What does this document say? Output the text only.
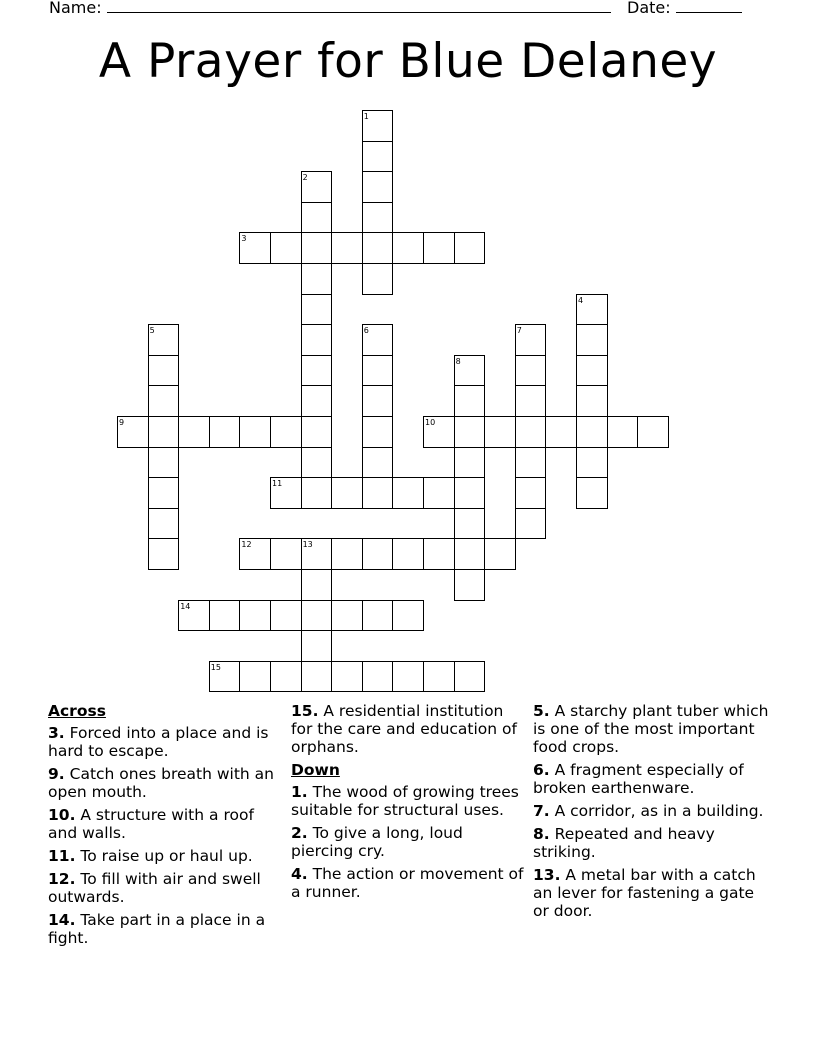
Name:	Date:
A Prayer for Blue Delaney
1
2
3
4
5	6	7
8
9	10
11
12	13
14
15
Across
3. Forced into a place and is hard to escape.
9. Catch ones breath with an open mouth.
10. A structure with a roof and walls.
11. To raise up or haul up.
12. To fill with air and swell outwards.
14. Take part in a place in a fight.
15. A residential institution for the care and education of orphans.
Down
1. The wood of growing trees suitable for structural uses.
2. To give a long, loud piercing cry.
4. The action or movement of a runner.
5. A starchy plant tuber which is one of the most important food crops.
6. A fragment especially of broken earthenware.
7. A corridor, as in a building.
8. Repeated and heavy striking.
13. A metal bar with a catch an lever for fastening a gate or door.
